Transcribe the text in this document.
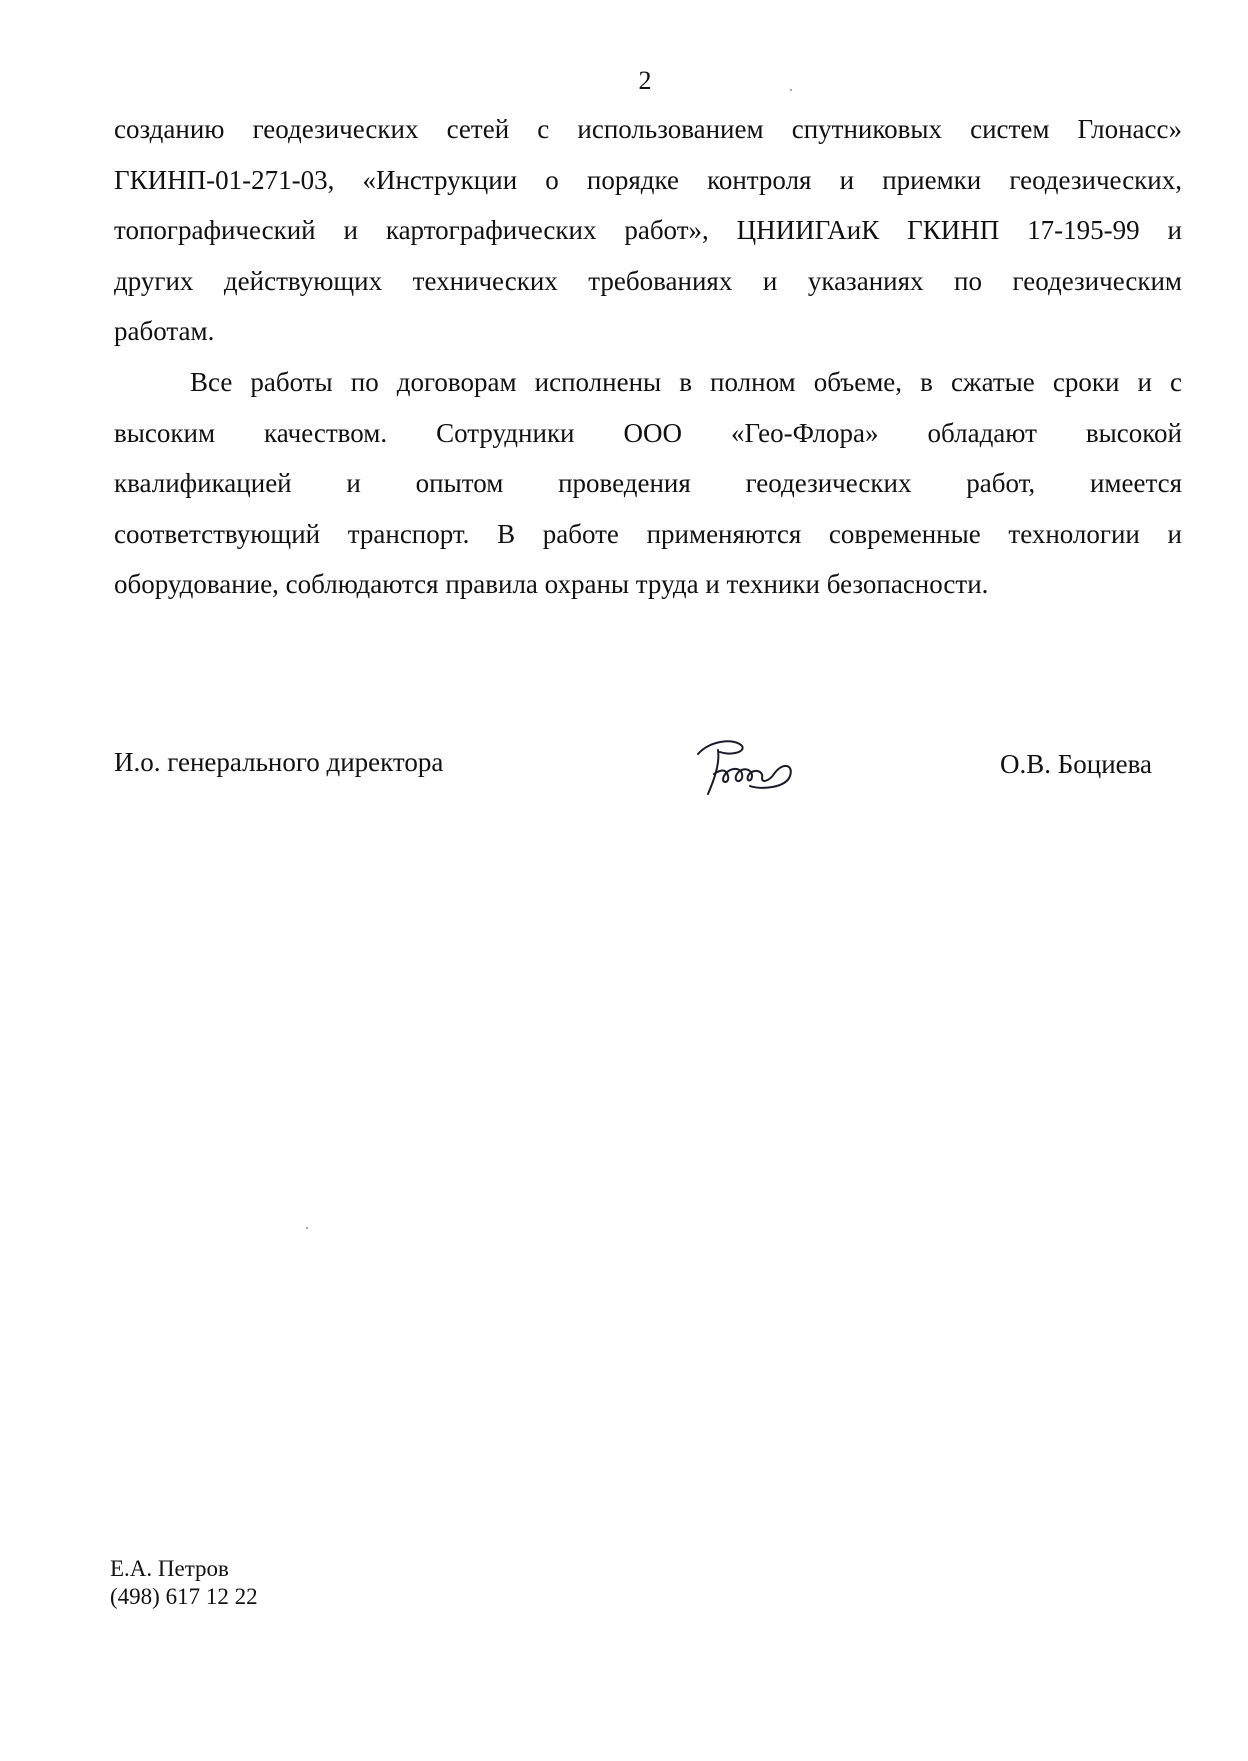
2
созданию геодезических сетей с использованием спутниковых систем Глонасс»
ГКИНП-01-271-03, «Инструкции о порядке контроля и приемки геодезических,
топографический и картографических работ», ЦНИИГАиК ГКИНП 17-195-99 и
других действующих технических требованиях и указаниях по геодезическим
работам.
Все работы по договорам исполнены в полном объеме, в сжатые сроки и с
высоким качеством. Сотрудники ООО «Гео-Флора» обладают высокой
квалификацией и опытом проведения геодезических работ, имеется
соответствующий транспорт. В работе применяются современные технологии и
оборудование, соблюдаются правила охраны труда и техники безопасности.
И.о. генерального директора	О.В. Боциева
Е.А. Петров
(498) 617 12 22
